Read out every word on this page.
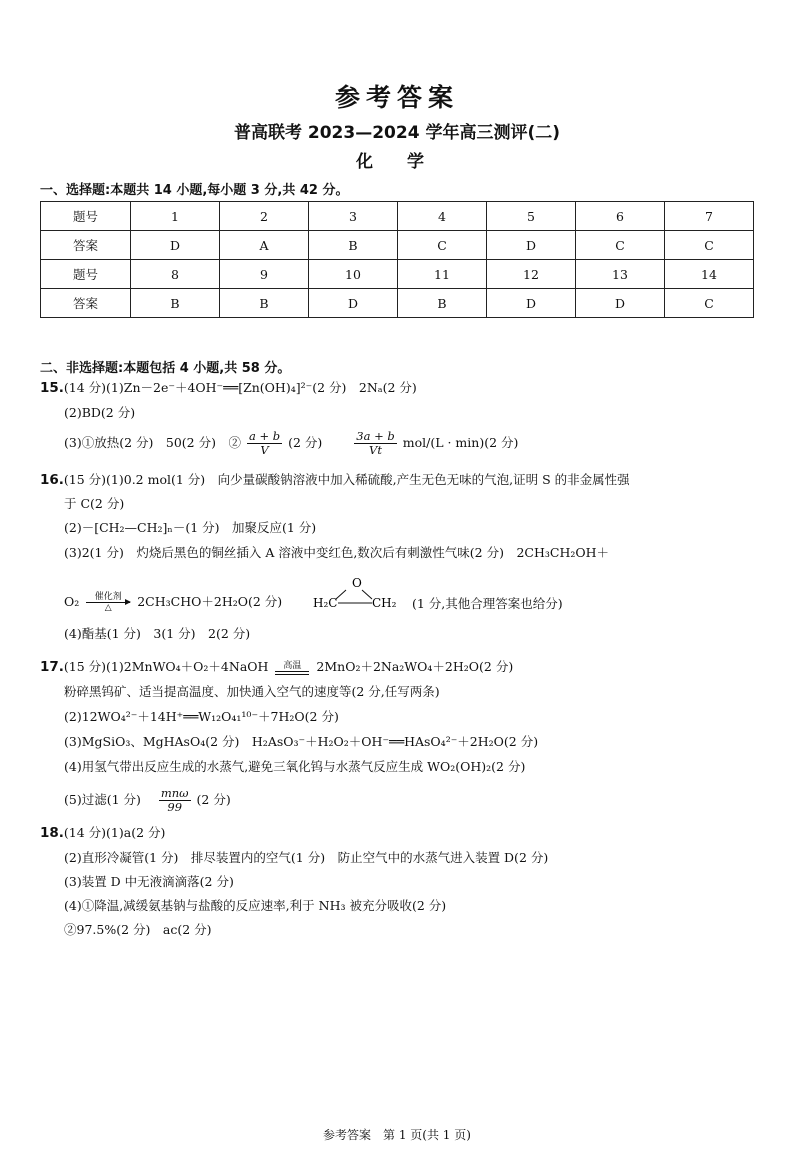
参考答案
普高联考 2023—2024 学年高三测评(二)
化 学
一、选择题:本题共 14 小题,每小题 3 分,共 42 分。
题号	1	2	3	4	5	6	7
答案	D	A	B	C	D	C	C
题号	8	9	10	11	12	13	14
答案	B	B	D	B	D	D	C
二、非选择题:本题包括 4 小题,共 58 分。
15.(14 分)(1)Zn－2e⁻＋4OH⁻══[Zn(OH)₄]²⁻(2 分)　2Nₐ(2 分)
(2)BD(2 分)
(3)①放热(2 分)　50(2 分)　② $\frac{a + b}{V} (2$ 分)	$\frac{3a + b}{Vt} mol/(L \cdot \min)(2$ 分)
16.(15 分)(1)0.2 mol(1 分)　向少量碳酸钠溶液中加入稀硫酸,产生无色无味的气泡,证明 S 的非金属性强
于 C(2 分)
(2)－[CH₂—CH₂]ₙ－(1 分)　加聚反应(1 分)
(3)2(1 分)　灼烧后黑色的铜丝插入 A 溶液中变红色,数次后有刺激性气味(2 分)　2CH₃CH₂OH＋
O₂	催化剂
△	2CH₃CHO＋2H₂O(2 分)
O
H₂C	CH₂ (1 分,其他合理答案也给分)
(4)酯基(1 分)　3(1 分)　2(2 分)
17.(15 分)(1)2MnWO₄＋O₂＋4NaOH	高温	2MnO₂＋2Na₂WO₄＋2H₂O(2 分)
粉碎黑钨矿、适当提高温度、加快通入空气的速度等(2 分,任写两条)
(2)12WO₄²⁻＋14H⁺══W₁₂O₄₁¹⁰⁻＋7H₂O(2 分)
(3)MgSiO₃、MgHAsO₄(2 分)　H₂AsO₃⁻＋H₂O₂＋OH⁻══HAsO₄²⁻＋2H₂O(2 分)
(4)用氢气带出反应生成的水蒸气,避免三氧化钨与水蒸气反应生成 WO₂(OH)₂(2 分)
(5)过滤(1 分) $\frac{\text{mnω}}{99} (2$ 分)
18.(14 分)(1)a(2 分)
(2)直形冷凝管(1 分)　排尽装置内的空气(1 分)　防止空气中的水蒸气进入装置 D(2 分)
(3)装置 D 中无液滴滴落(2 分)
(4)①降温,减缓氨基钠与盐酸的反应速率,利于 NH₃ 被充分吸收(2 分)
②97.5%(2 分)　ac(2 分)
参考答案　第 1 页(共 1 页)
